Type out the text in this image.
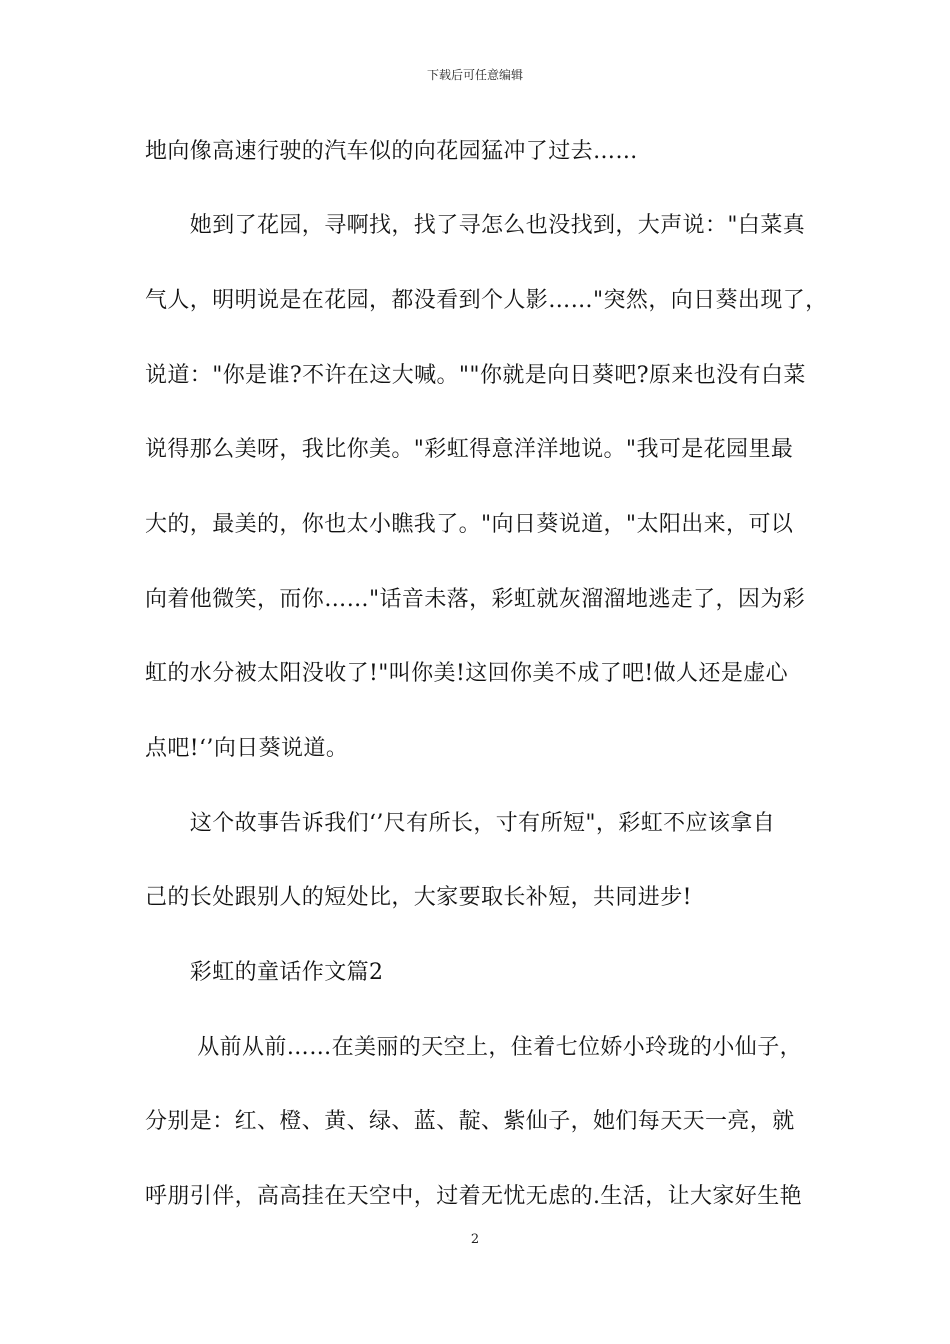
下载后可任意编辑
地向像高速行驶的汽车似的向花园猛冲了过去……
　　她到了花园，寻啊找，找了寻怎么也没找到，大声说："白菜真
气人，明明说是在花园，都没看到个人影……"突然，向日葵出现了，
说道："你是谁?不许在这大喊。""你就是向日葵吧?原来也没有白菜
说得那么美呀，我比你美。"彩虹得意洋洋地说。"我可是花园里最
大的，最美的，你也太小瞧我了。"向日葵说道，"太阳出来，可以
向着他微笑，而你……"话音未落，彩虹就灰溜溜地逃走了，因为彩
虹的水分被太阳没收了!"叫你美!这回你美不成了吧!做人还是虚心
点吧!‘’向日葵说道。
　　这个故事告诉我们‘’尺有所长，寸有所短"，彩虹不应该拿自
己的长处跟别人的短处比，大家要取长补短，共同进步!
　　彩虹的童话作文篇2
　　 从前从前……在美丽的天空上，住着七位娇小玲珑的小仙子，
分别是：红、橙、黄、绿、蓝、靛、紫仙子，她们每天天一亮，就
呼朋引伴，高高挂在天空中，过着无忧无虑的.生活，让大家好生艳
2
